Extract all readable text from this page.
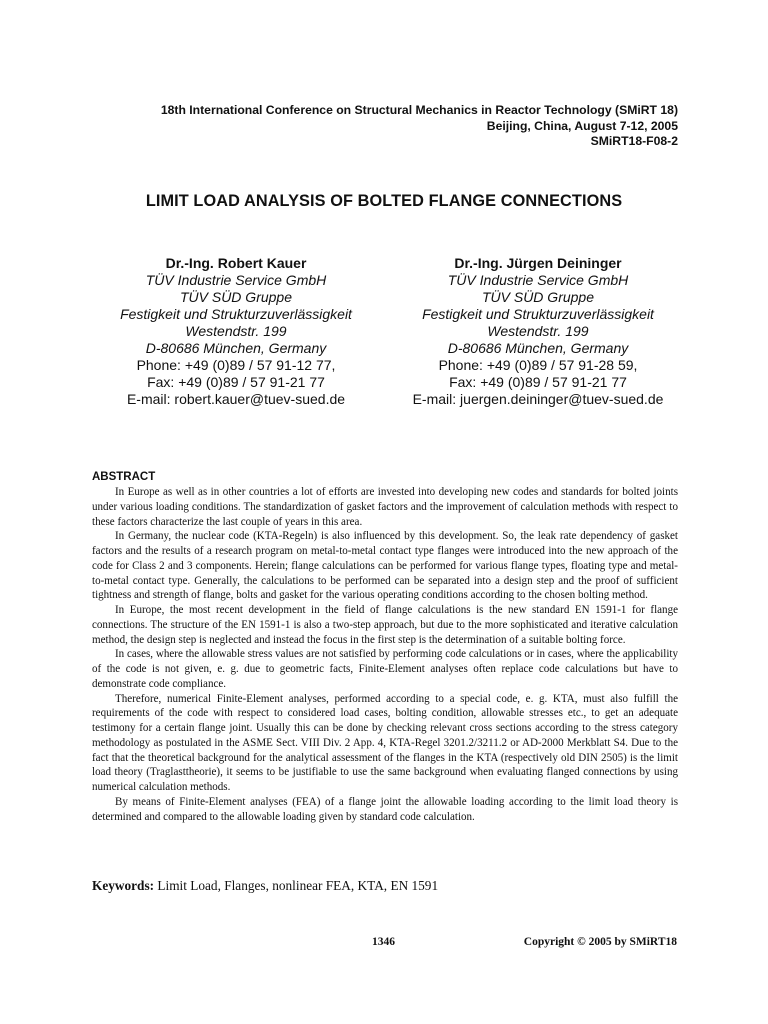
18th International Conference on Structural Mechanics in Reactor Technology (SMiRT 18)
Beijing, China, August 7-12, 2005
SMiRT18-F08-2
LIMIT LOAD ANALYSIS OF BOLTED FLANGE CONNECTIONS
Dr.-Ing. Robert Kauer
TÜV Industrie Service GmbH
TÜV SÜD Gruppe
Festigkeit und Strukturzuverlässigkeit
Westendstr. 199
D-80686 München, Germany
Phone: +49 (0)89 / 57 91-12 77,
Fax: +49 (0)89 / 57 91-21 77
E-mail: robert.kauer@tuev-sued.de
Dr.-Ing. Jürgen Deininger
TÜV Industrie Service GmbH
TÜV SÜD Gruppe
Festigkeit und Strukturzuverlässigkeit
Westendstr. 199
D-80686 München, Germany
Phone: +49 (0)89 / 57 91-28 59,
Fax: +49 (0)89 / 57 91-21 77
E-mail: juergen.deininger@tuev-sued.de
ABSTRACT

In Europe as well as in other countries a lot of efforts are invested into developing new codes and standards for bolted joints under various loading conditions. The standardization of gasket factors and the improvement of calculation methods with respect to these factors characterize the last couple of years in this area.

In Germany, the nuclear code (KTA-Regeln) is also influenced by this development. So, the leak rate dependency of gasket factors and the results of a research program on metal-to-metal contact type flanges were introduced into the new approach of the code for Class 2 and 3 components. Herein; flange calculations can be performed for various flange types, floating type and metal-to-metal contact type. Generally, the calculations to be performed can be separated into a design step and the proof of sufficient tightness and strength of flange, bolts and gasket for the various operating conditions according to the chosen bolting method.

In Europe, the most recent development in the field of flange calculations is the new standard EN 1591-1 for flange connections. The structure of the EN 1591-1 is also a two-step approach, but due to the more sophisticated and iterative calculation method, the design step is neglected and instead the focus in the first step is the determination of a suitable bolting force.

In cases, where the allowable stress values are not satisfied by performing code calculations or in cases, where the applicability of the code is not given, e. g. due to geometric facts, Finite-Element analyses often replace code calculations but have to demonstrate code compliance.

Therefore, numerical Finite-Element analyses, performed according to a special code, e. g. KTA, must also fulfill the requirements of the code with respect to considered load cases, bolting condition, allowable stresses etc., to get an adequate testimony for a certain flange joint. Usually this can be done by checking relevant cross sections according to the stress category methodology as postulated in the ASME Sect. VIII Div. 2 App. 4, KTA-Regel 3201.2/3211.2 or AD-2000 Merkblatt S4. Due to the fact that the theoretical background for the analytical assessment of the flanges in the KTA (respectively old DIN 2505) is the limit load theory (Traglasttheorie), it seems to be justifiable to use the same background when evaluating flanged connections by using numerical calculation methods.

By means of Finite-Element analyses (FEA) of a flange joint the allowable loading according to the limit load theory is determined and compared to the allowable loading given by standard code calculation.

Keywords: Limit Load, Flanges, nonlinear FEA, KTA, EN 1591
1346	Copyright © 2005 by SMiRT18
